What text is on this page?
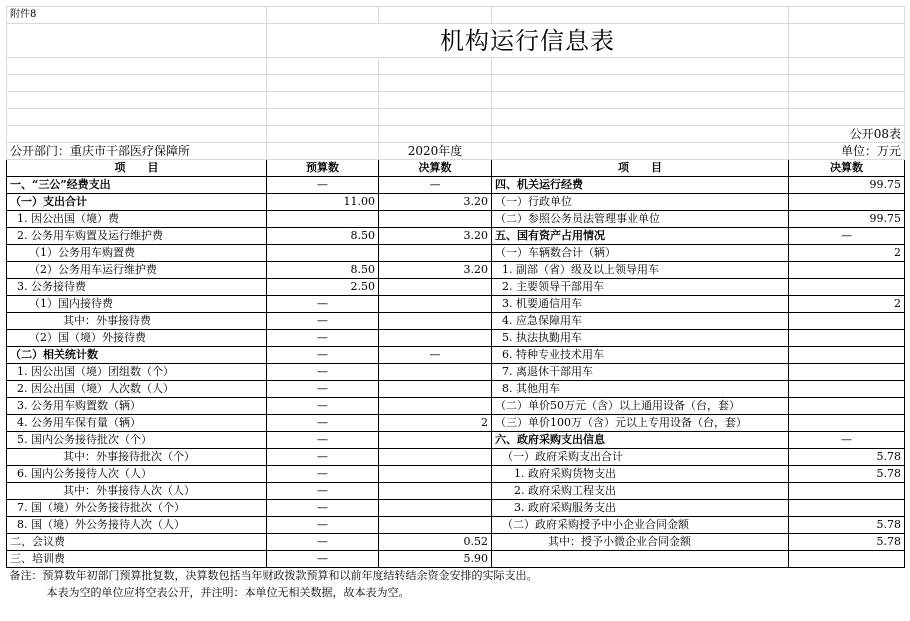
附件8				
	机构运行信息表			

				公开08表
公开部门：重庆市干部医疗保障所		2020年度		单位：万元
项　　目	预算数	决算数	项　　目	决算数
一、“三公”经费支出	—	—	四、机关运行经费	99.75
（一）支出合计	11.00	3.20	（一）行政单位	
1. 因公出国（境）费			（二）参照公务员法管理事业单位	99.75
2. 公务用车购置及运行维护费	8.50	3.20	五、国有资产占用情况	—
（1）公务用车购置费			（一）车辆数合计（辆）	2
（2）公务用车运行维护费	8.50	3.20	1. 副部（省）级及以上领导用车	
3. 公务接待费	2.50		2. 主要领导干部用车	
（1）国内接待费	—		3. 机要通信用车	2
其中：外事接待费	—		4. 应急保障用车	
（2）国（境）外接待费	—		5. 执法执勤用车	
（二）相关统计数	—	—	6. 特种专业技术用车	
1. 因公出国（境）团组数（个）	—		7. 离退休干部用车	
2. 因公出国（境）人次数（人）	—		8. 其他用车	
3. 公务用车购置数（辆）	—		（二）单价50万元（含）以上通用设备（台，套）	
4. 公务用车保有量（辆）	—	2	（三）单价100万（含）元以上专用设备（台，套）	
5. 国内公务接待批次（个）	—		六、政府采购支出信息	—
其中：外事接待批次（个）	—		（一）政府采购支出合计	5.78
6. 国内公务接待人次（人）	—		1. 政府采购货物支出	5.78
其中：外事接待人次（人）	—		2. 政府采购工程支出	
7. 国（境）外公务接待批次（个）	—		3. 政府采购服务支出	
8. 国（境）外公务接待人次（人）	—		（二）政府采购授予中小企业合同金额	5.78
二、会议费	—	0.52	其中：授予小微企业合同金额	5.78
三、培训费	—	5.90		
备注：预算数年初部门预算批复数，决算数包括当年财政拨款预算和以前年度结转结余资金安排的实际支出。				
本表为空的单位应将空表公开，并注明：本单位无相关数据，故本表为空。				
